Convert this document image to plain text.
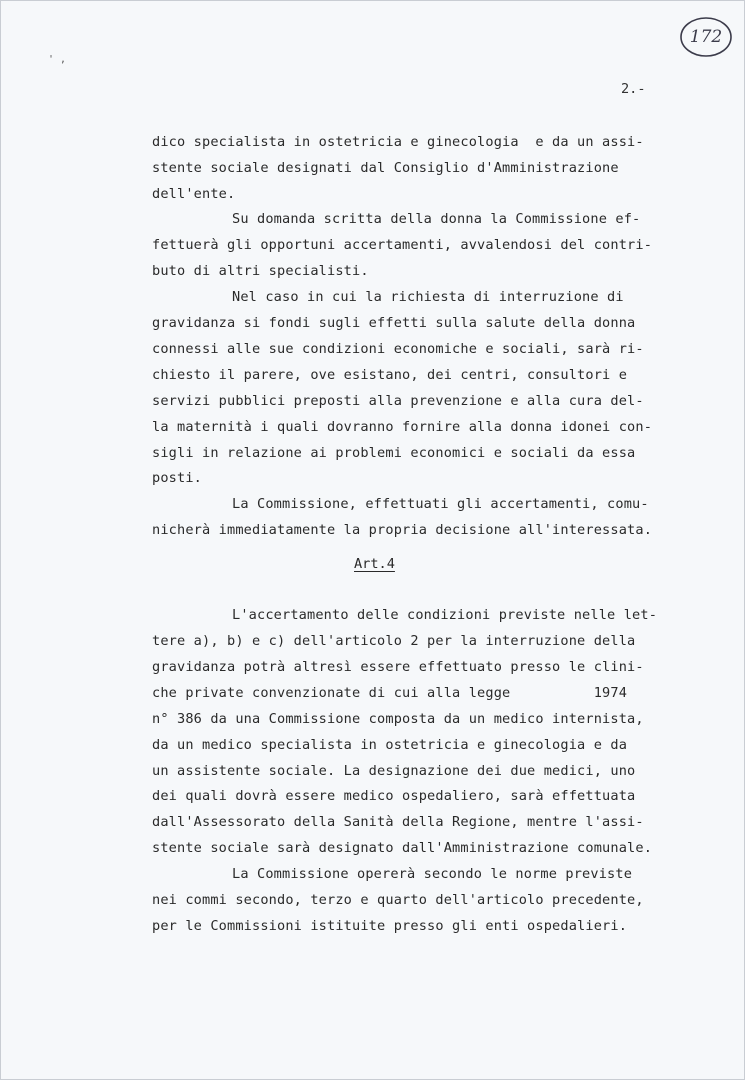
172
' ,
2.-

dico specialista in ostetricia e ginecologia  e da un assi-

stente sociale designati dal Consiglio d'Amministrazione

dell'ente.

Su domanda scritta della donna la Commissione ef-

fettuerà gli opportuni accertamenti, avvalendosi del contri-

buto di altri specialisti.

Nel caso in cui la richiesta di interruzione di

gravidanza si fondi sugli effetti sulla salute della donna

connessi alle sue condizioni economiche e sociali, sarà ri-

chiesto il parere, ove esistano, dei centri, consultori e

servizi pubblici preposti alla prevenzione e alla cura del-

la maternità i quali dovranno fornire alla donna idonei con-

sigli in relazione ai problemi economici e sociali da essa

posti.

La Commissione, effettuati gli accertamenti, comu-

nicherà immediatamente la propria decisione all'interessata.

L'accertamento delle condizioni previste nelle let-

tere a), b) e c) dell'articolo 2 per la interruzione della

gravidanza potrà altresì essere effettuato presso le clini-

che private convenzionate di cui alla legge          1974

n° 386 da una Commissione composta da un medico internista,

da un medico specialista in ostetricia e ginecologia e da

un assistente sociale. La designazione dei due medici, uno

dei quali dovrà essere medico ospedaliero, sarà effettuata

dall'Assessorato della Sanità della Regione, mentre l'assi-

stente sociale sarà designato dall'Amministrazione comunale.

La Commissione opererà secondo le norme previste

nei commi secondo, terzo e quarto dell'articolo precedente,

per le Commissioni istituite presso gli enti ospedalieri.

Art.4
